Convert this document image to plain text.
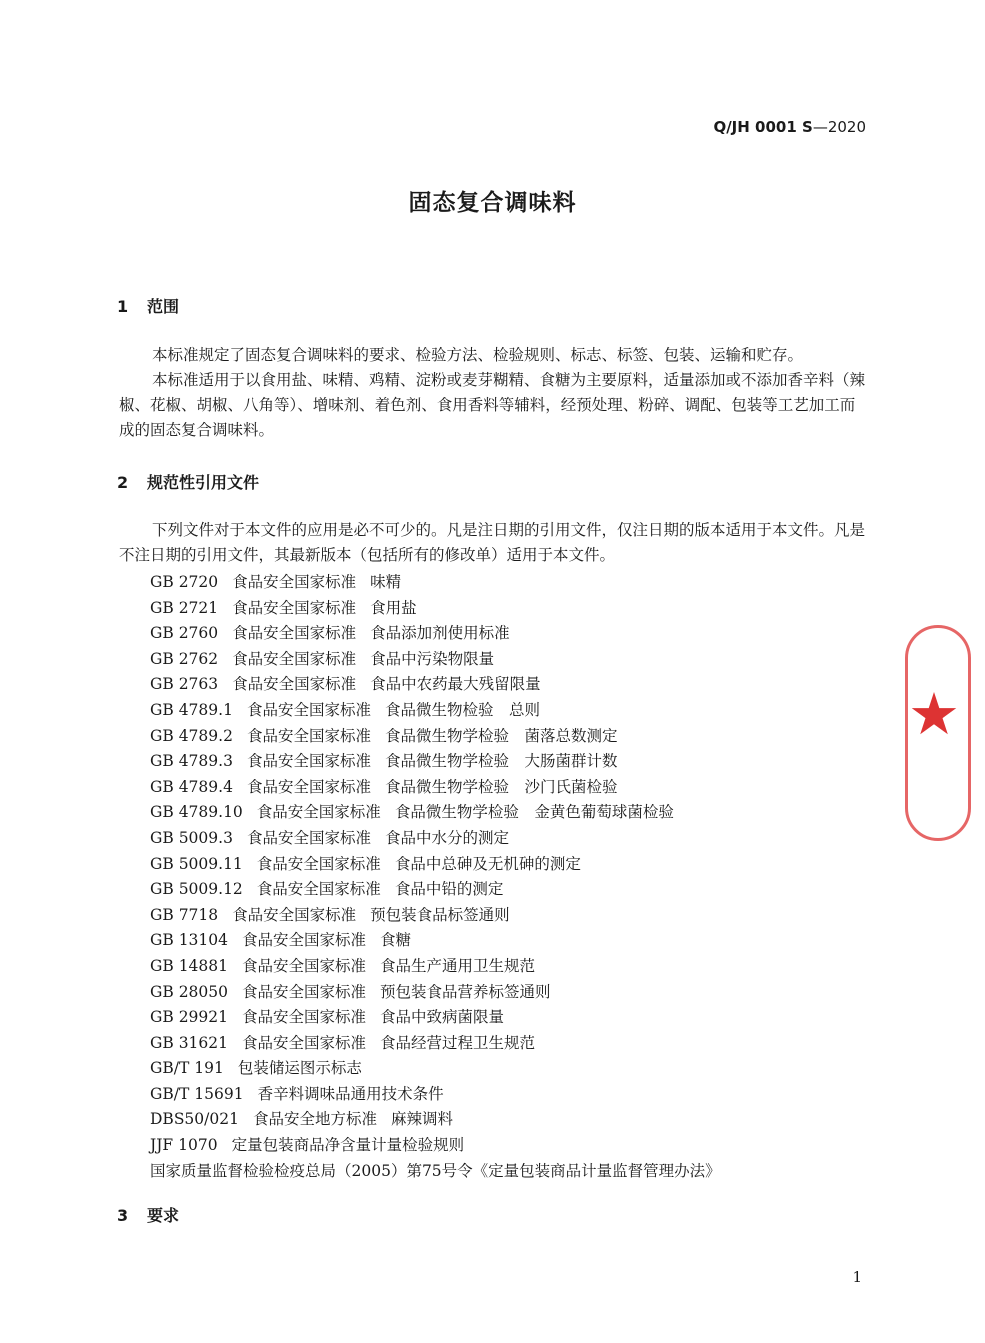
Q/JH 0001 S—2020
固态复合调味料
1 范围
本标准规定了固态复合调味料的要求、检验方法、检验规则、标志、标签、包装、运输和贮存。
本标准适用于以食用盐、味精、鸡精、淀粉或麦芽糊精、食糖为主要原料，适量添加或不添加香辛料（辣椒、花椒、胡椒、八角等）、增味剂、着色剂、食用香料等辅料，经预处理、粉碎、调配、包装等工艺加工而成的固态复合调味料。
2 规范性引用文件
下列文件对于本文件的应用是必不可少的。凡是注日期的引用文件，仅注日期的版本适用于本文件。凡是不注日期的引用文件，其最新版本（包括所有的修改单）适用于本文件。
GB 2720 食品安全国家标准 味精
GB 2721 食品安全国家标准 食用盐
GB 2760 食品安全国家标准 食品添加剂使用标准
GB 2762 食品安全国家标准 食品中污染物限量
GB 2763 食品安全国家标准 食品中农药最大残留限量
GB 4789.1 食品安全国家标准 食品微生物检验　总则
GB 4789.2 食品安全国家标准 食品微生物学检验　菌落总数测定
GB 4789.3 食品安全国家标准 食品微生物学检验　大肠菌群计数
GB 4789.4 食品安全国家标准 食品微生物学检验　沙门氏菌检验
GB 4789.10 食品安全国家标准 食品微生物学检验　金黄色葡萄球菌检验
GB 5009.3 食品安全国家标准 食品中水分的测定
GB 5009.11 食品安全国家标准 食品中总砷及无机砷的测定
GB 5009.12 食品安全国家标准 食品中铅的测定
GB 7718 食品安全国家标准 预包装食品标签通则
GB 13104 食品安全国家标准 食糖
GB 14881 食品安全国家标准 食品生产通用卫生规范
GB 28050 食品安全国家标准 预包装食品营养标签通则
GB 29921 食品安全国家标准 食品中致病菌限量
GB 31621 食品安全国家标准 食品经营过程卫生规范
GB/T 191 包装储运图示标志
GB/T 15691 香辛料调味品通用技术条件
DBS50/021 食品安全地方标准 麻辣调料
JJF 1070 定量包装商品净含量计量检验规则
国家质量监督检验检疫总局（2005）第75号令《定量包装商品计量监督管理办法》
3 要求
1
★
